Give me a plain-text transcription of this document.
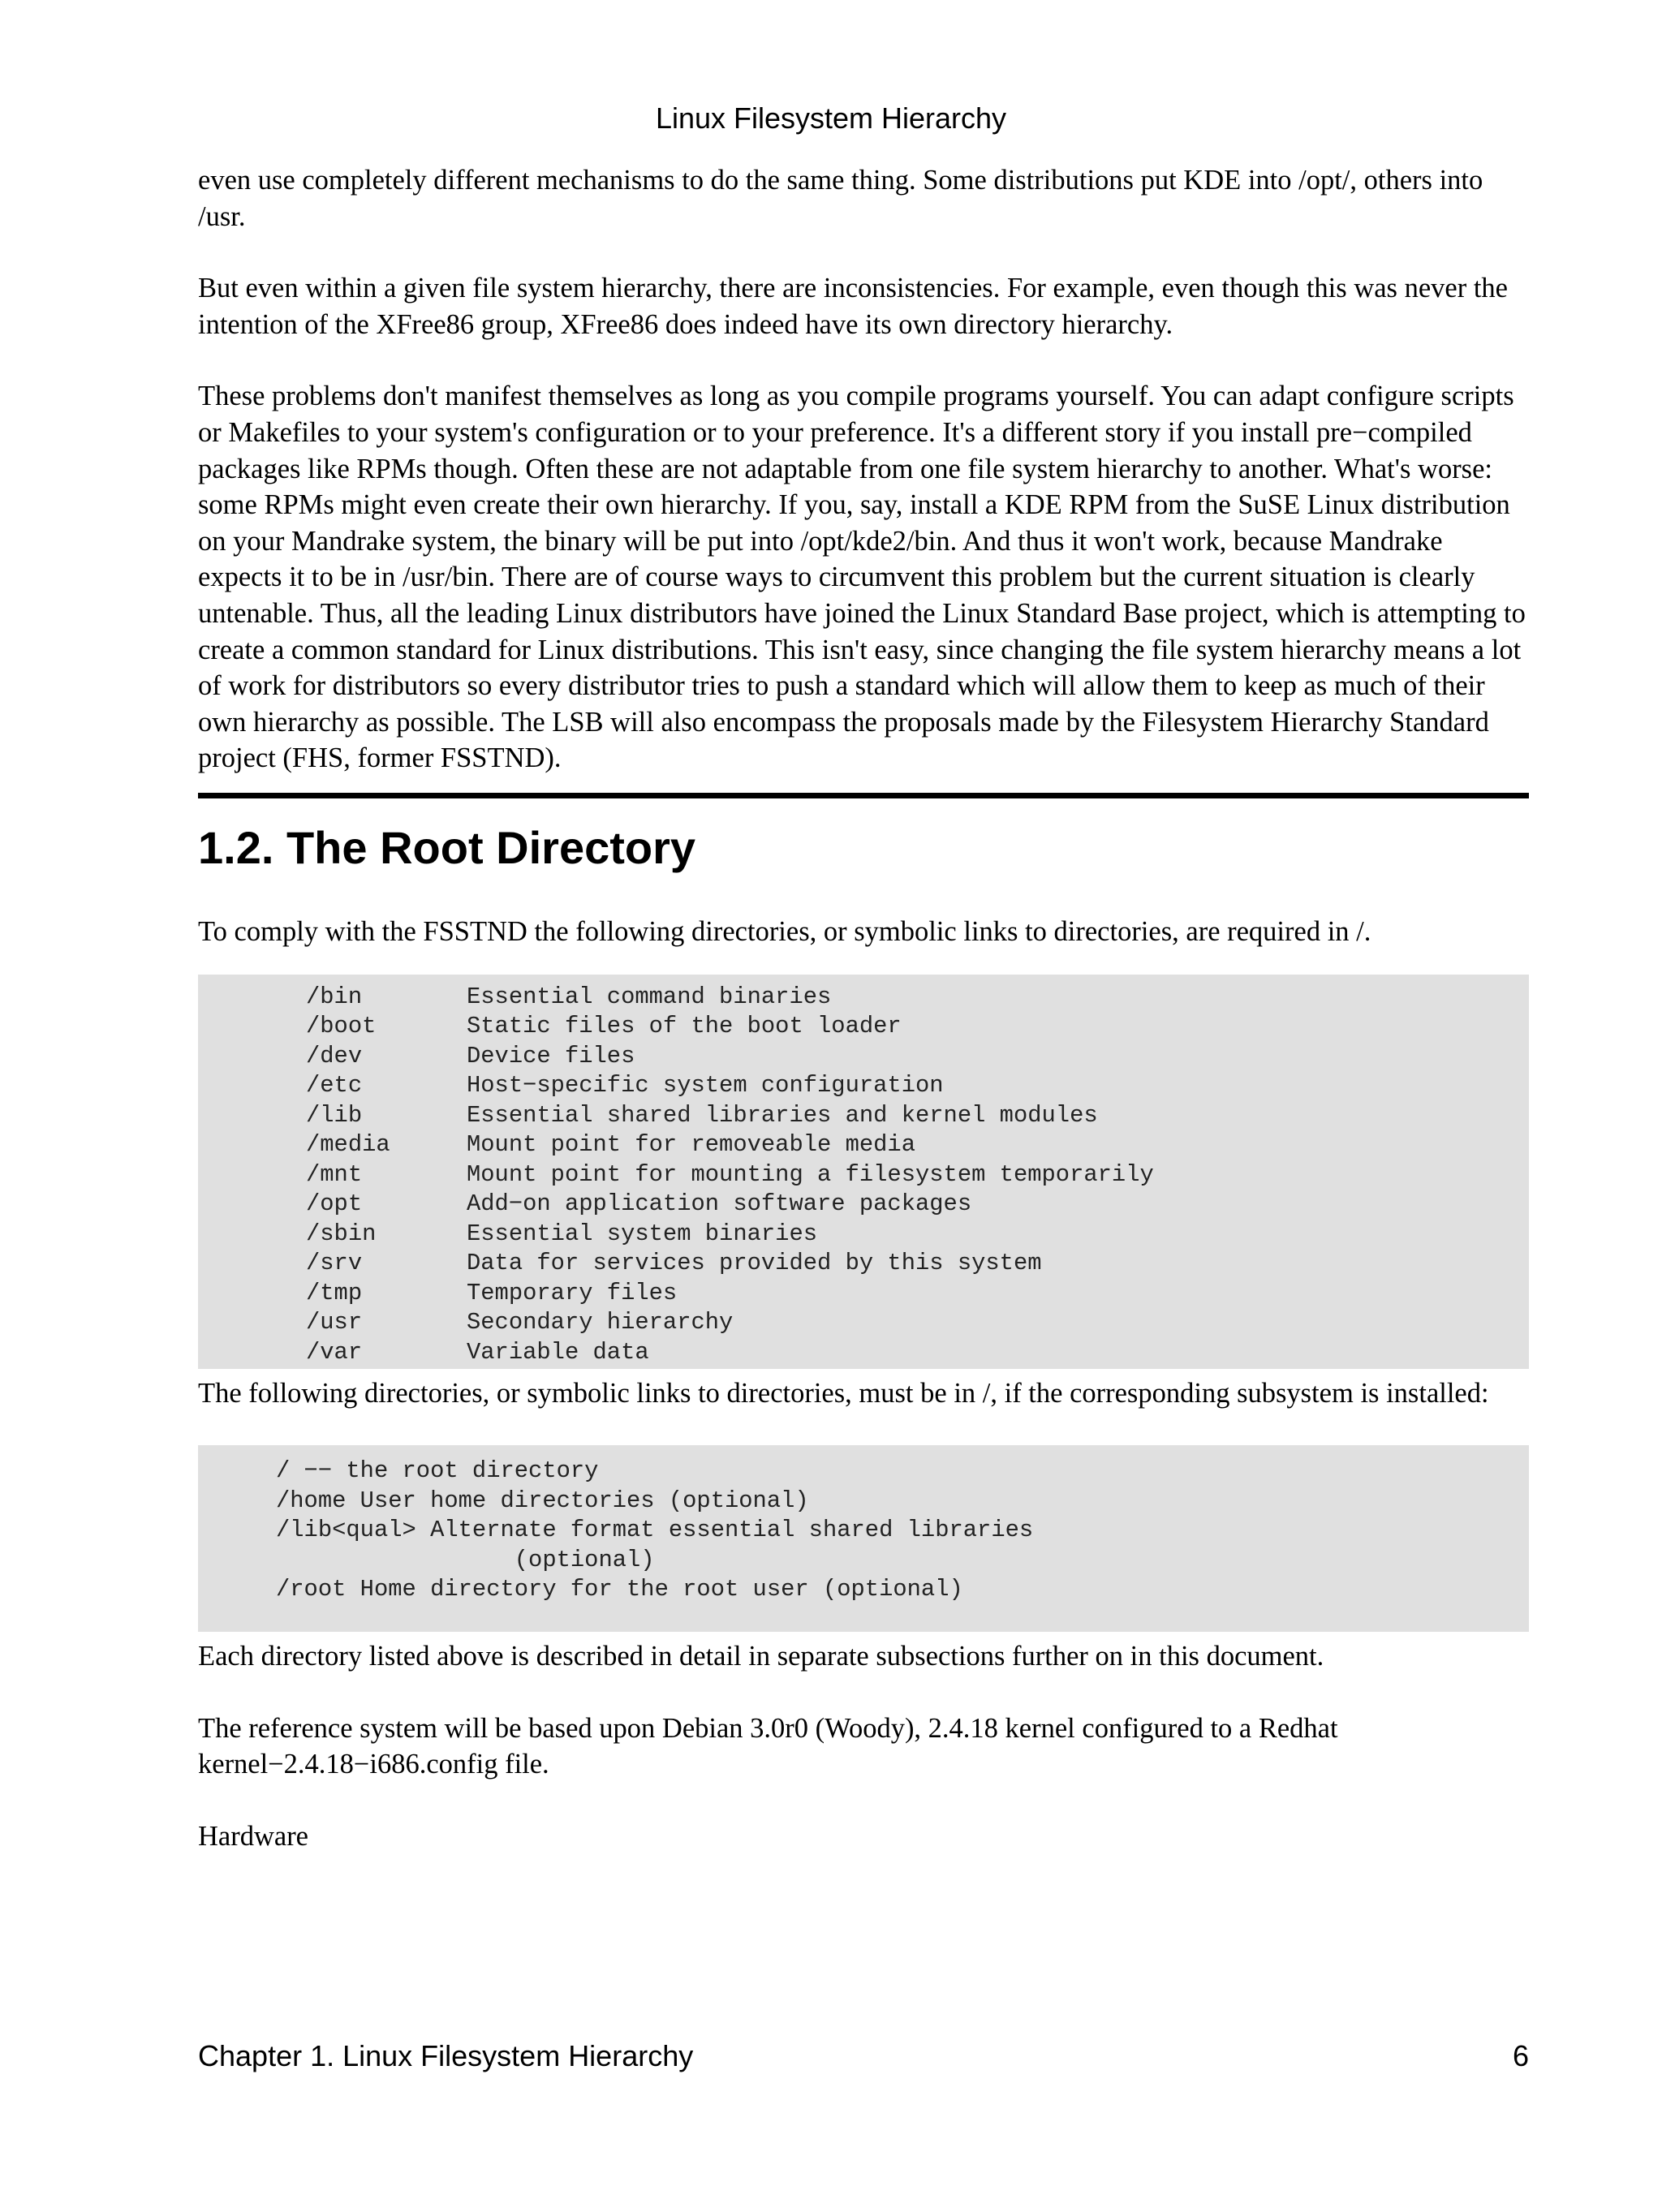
Linux Filesystem Hierarchy

even use completely different mechanisms to do the same thing. Some distributions put KDE into /opt/, others into /usr.

But even within a given file system hierarchy, there are inconsistencies. For example, even though this was never the intention of the XFree86 group, XFree86 does indeed have its own directory hierarchy.

These problems don't manifest themselves as long as you compile programs yourself. You can adapt configure scripts or Makefiles to your system's configuration or to your preference. It's a different story if you install pre−compiled packages like RPMs though. Often these are not adaptable from one file system hierarchy to another. What's worse: some RPMs might even create their own hierarchy. If you, say, install a KDE RPM from the SuSE Linux distribution on your Mandrake system, the binary will be put into /opt/kde2/bin. And thus it won't work, because Mandrake expects it to be in /usr/bin. There are of course ways to circumvent this problem but the current situation is clearly untenable. Thus, all the leading Linux distributors have joined the Linux Standard Base project, which is attempting to create a common standard for Linux distributions. This isn't easy, since changing the file system hierarchy means a lot of work for distributors so every distributor tries to push a standard which will allow them to keep as much of their own hierarchy as possible. The LSB will also encompass the proposals made by the Filesystem Hierarchy Standard project (FHS, former FSSTND).

1.2. The Root Directory

To comply with the FSSTND the following directories, or symbolic links to directories, are required in /.

/bin	Essential command binaries
/boot	Static files of the boot loader
/dev	Device files
/etc	Host−specific system configuration
/lib	Essential shared libraries and kernel modules
/media	Mount point for removeable media
/mnt	Mount point for mounting a filesystem temporarily
/opt	Add−on application software packages
/sbin	Essential system binaries
/srv	Data for services provided by this system
/tmp	Temporary files
/usr	Secondary hierarchy
/var	Variable data

The following directories, or symbolic links to directories, must be in /, if the corresponding subsystem is installed:

/ −− the root directory
/home User home directories (optional)
/lib<qual> Alternate format essential shared libraries
(optional)
/root Home directory for the root user (optional)

Each directory listed above is described in detail in separate subsections further on in this document.

The reference system will be based upon Debian 3.0r0 (Woody), 2.4.18 kernel configured to a Redhat kernel−2.4.18−i686.config file.

Hardware

Chapter 1. Linux Filesystem Hierarchy	6
